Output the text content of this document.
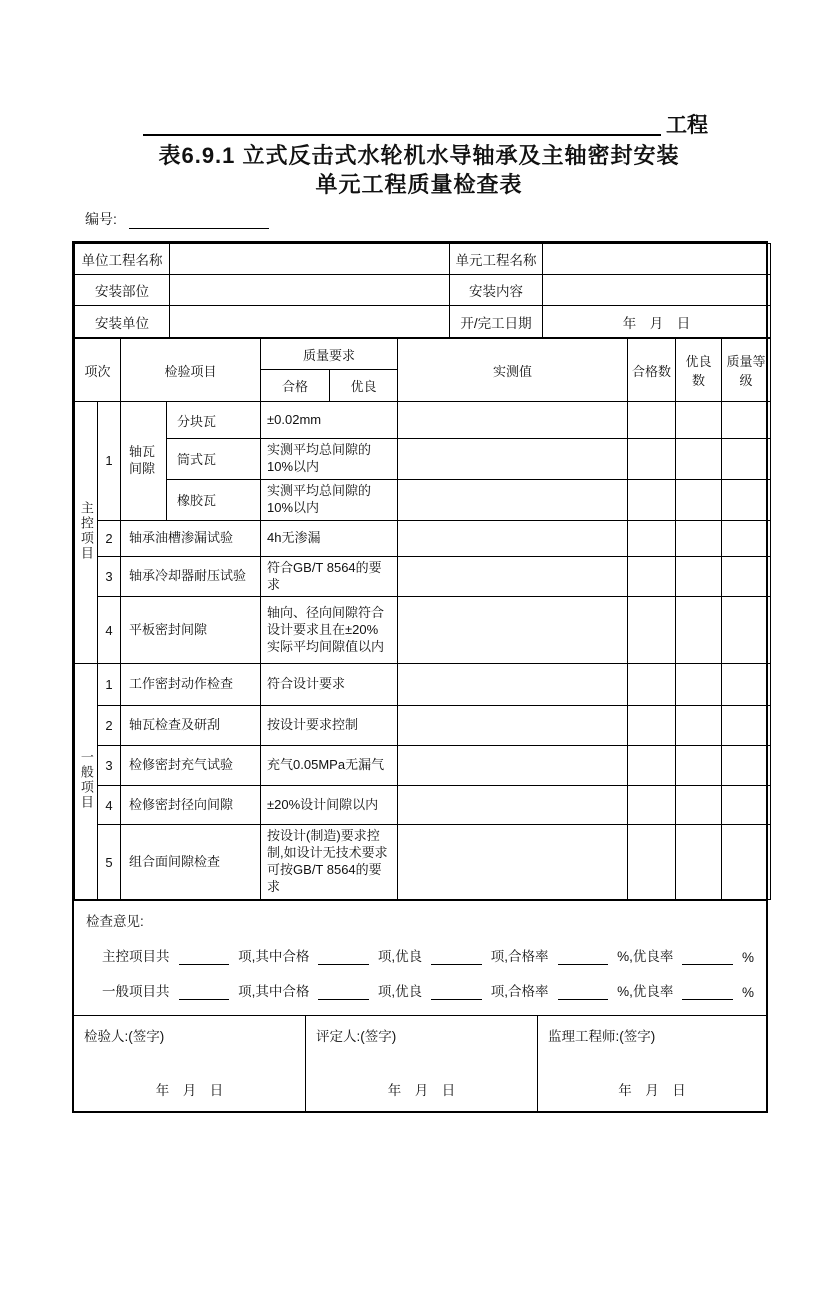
工程
表6.9.1 立式反击式水轮机水导轴承及主轴密封安装
单元工程质量检查表
编号:
单位工程名称		单元工程名称	
安装部位		安装内容	
安装单位		开/完工日期	年　月　日
项次		检验项目		质量要求		实测值	合格数	优良数	质量等级
				合格	优良				
主控项目	1	轴瓦间隙	分块瓦	±0.02mm					
			筒式瓦	实测平均总间隙的10%以内					
			橡胶瓦	实测平均总间隙的10%以内					
	2	轴承油槽渗漏试验		4h无渗漏					
	3	轴承冷却器耐压试验		符合GB/T 8564的要求					
	4	平板密封间隙		轴向、径向间隙符合设计要求且在±20%实际平均间隙值以内					
一般项目	1	工作密封动作检查		符合设计要求					
	2	轴瓦检查及研刮		按设计要求控制					
	3	检修密封充气试验		充气0.05MPa无漏气					
	4	检修密封径向间隙		±20%设计间隙以内					
	5	组合面间隙检查		按设计(制造)要求控制,如设计无技术要求可按GB/T 8564的要求					
检查意见:
主控项目共	项,其中合格	项,优良	项,合格率	%,优良率	%
一般项目共	项,其中合格	项,优良	项,合格率	%,优良率	%
检验人:(签字)
年　月　日
评定人:(签字)
年　月　日
监理工程师:(签字)
年　月　日
